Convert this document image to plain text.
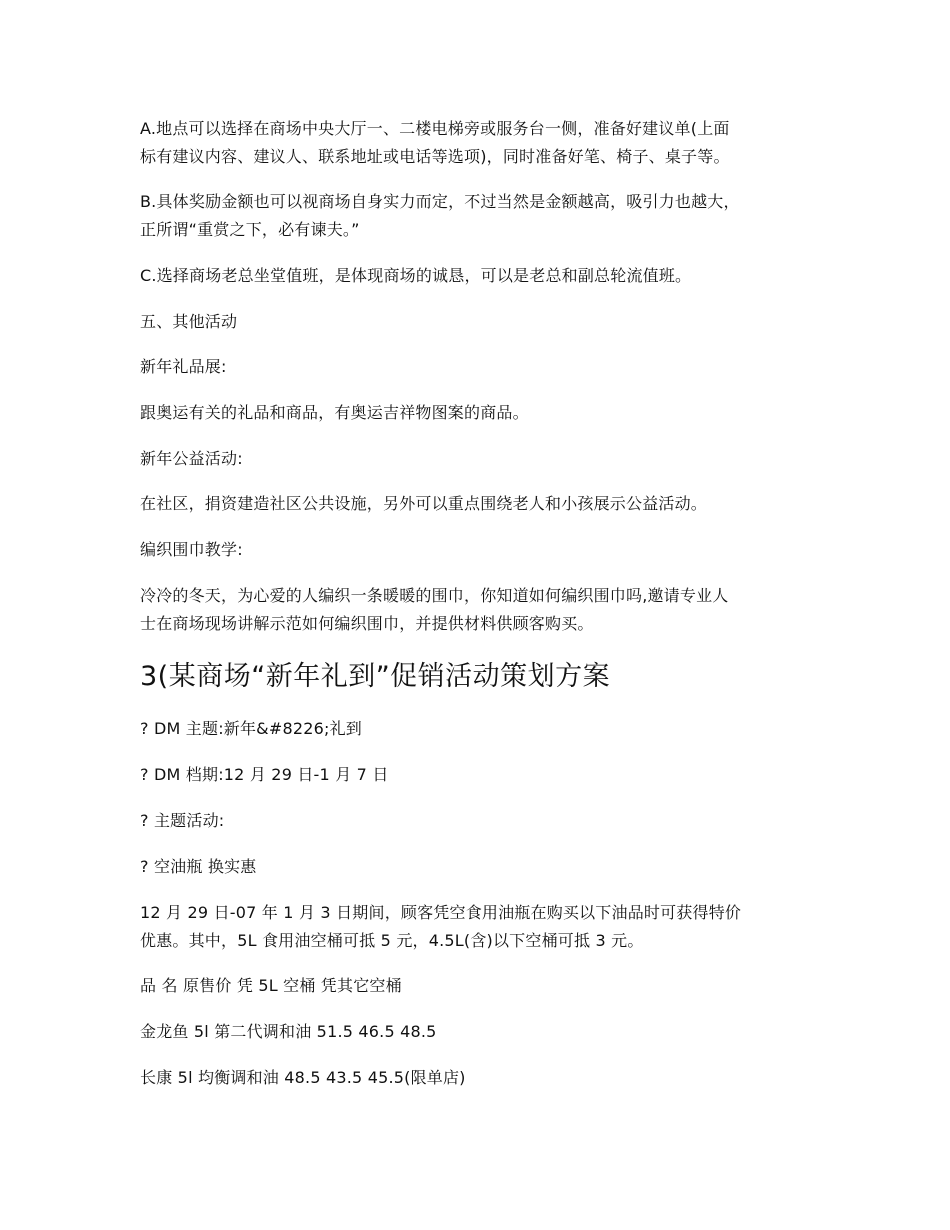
A.地点可以选择在商场中央大厅一、二楼电梯旁或服务台一侧，准备好建议单(上面
标有建议内容、建议人、联系地址或电话等选项)，同时准备好笔、椅子、桌子等。
B.具体奖励金额也可以视商场自身实力而定，不过当然是金额越高，吸引力也越大，
正所谓“重赏之下，必有谏夫。”
C.选择商场老总坐堂值班，是体现商场的诚恳，可以是老总和副总轮流值班。
五、其他活动
新年礼品展:
跟奥运有关的礼品和商品，有奥运吉祥物图案的商品。
新年公益活动:
在社区，捐资建造社区公共设施，另外可以重点围绕老人和小孩展示公益活动。
编织围巾教学:
冷冷的冬天，为心爱的人编织一条暖暖的围巾，你知道如何编织围巾吗,邀请专业人
士在商场现场讲解示范如何编织围巾，并提供材料供顾客购买。
3(某商场“新年礼到”促销活动策划方案
? DM 主题:新年&#8226;礼到
? DM 档期:12 月 29 日-1 月 7 日
? 主题活动:
? 空油瓶 换实惠
12 月 29 日-07 年 1 月 3 日期间，顾客凭空食用油瓶在购买以下油品时可获得特价
优惠。其中，5L 食用油空桶可抵 5 元，4.5L(含)以下空桶可抵 3 元。
品 名 原售价 凭 5L 空桶 凭其它空桶
金龙鱼 5l 第二代调和油 51.5 46.5 48.5
长康 5l 均衡调和油 48.5 43.5 45.5(限单店)
